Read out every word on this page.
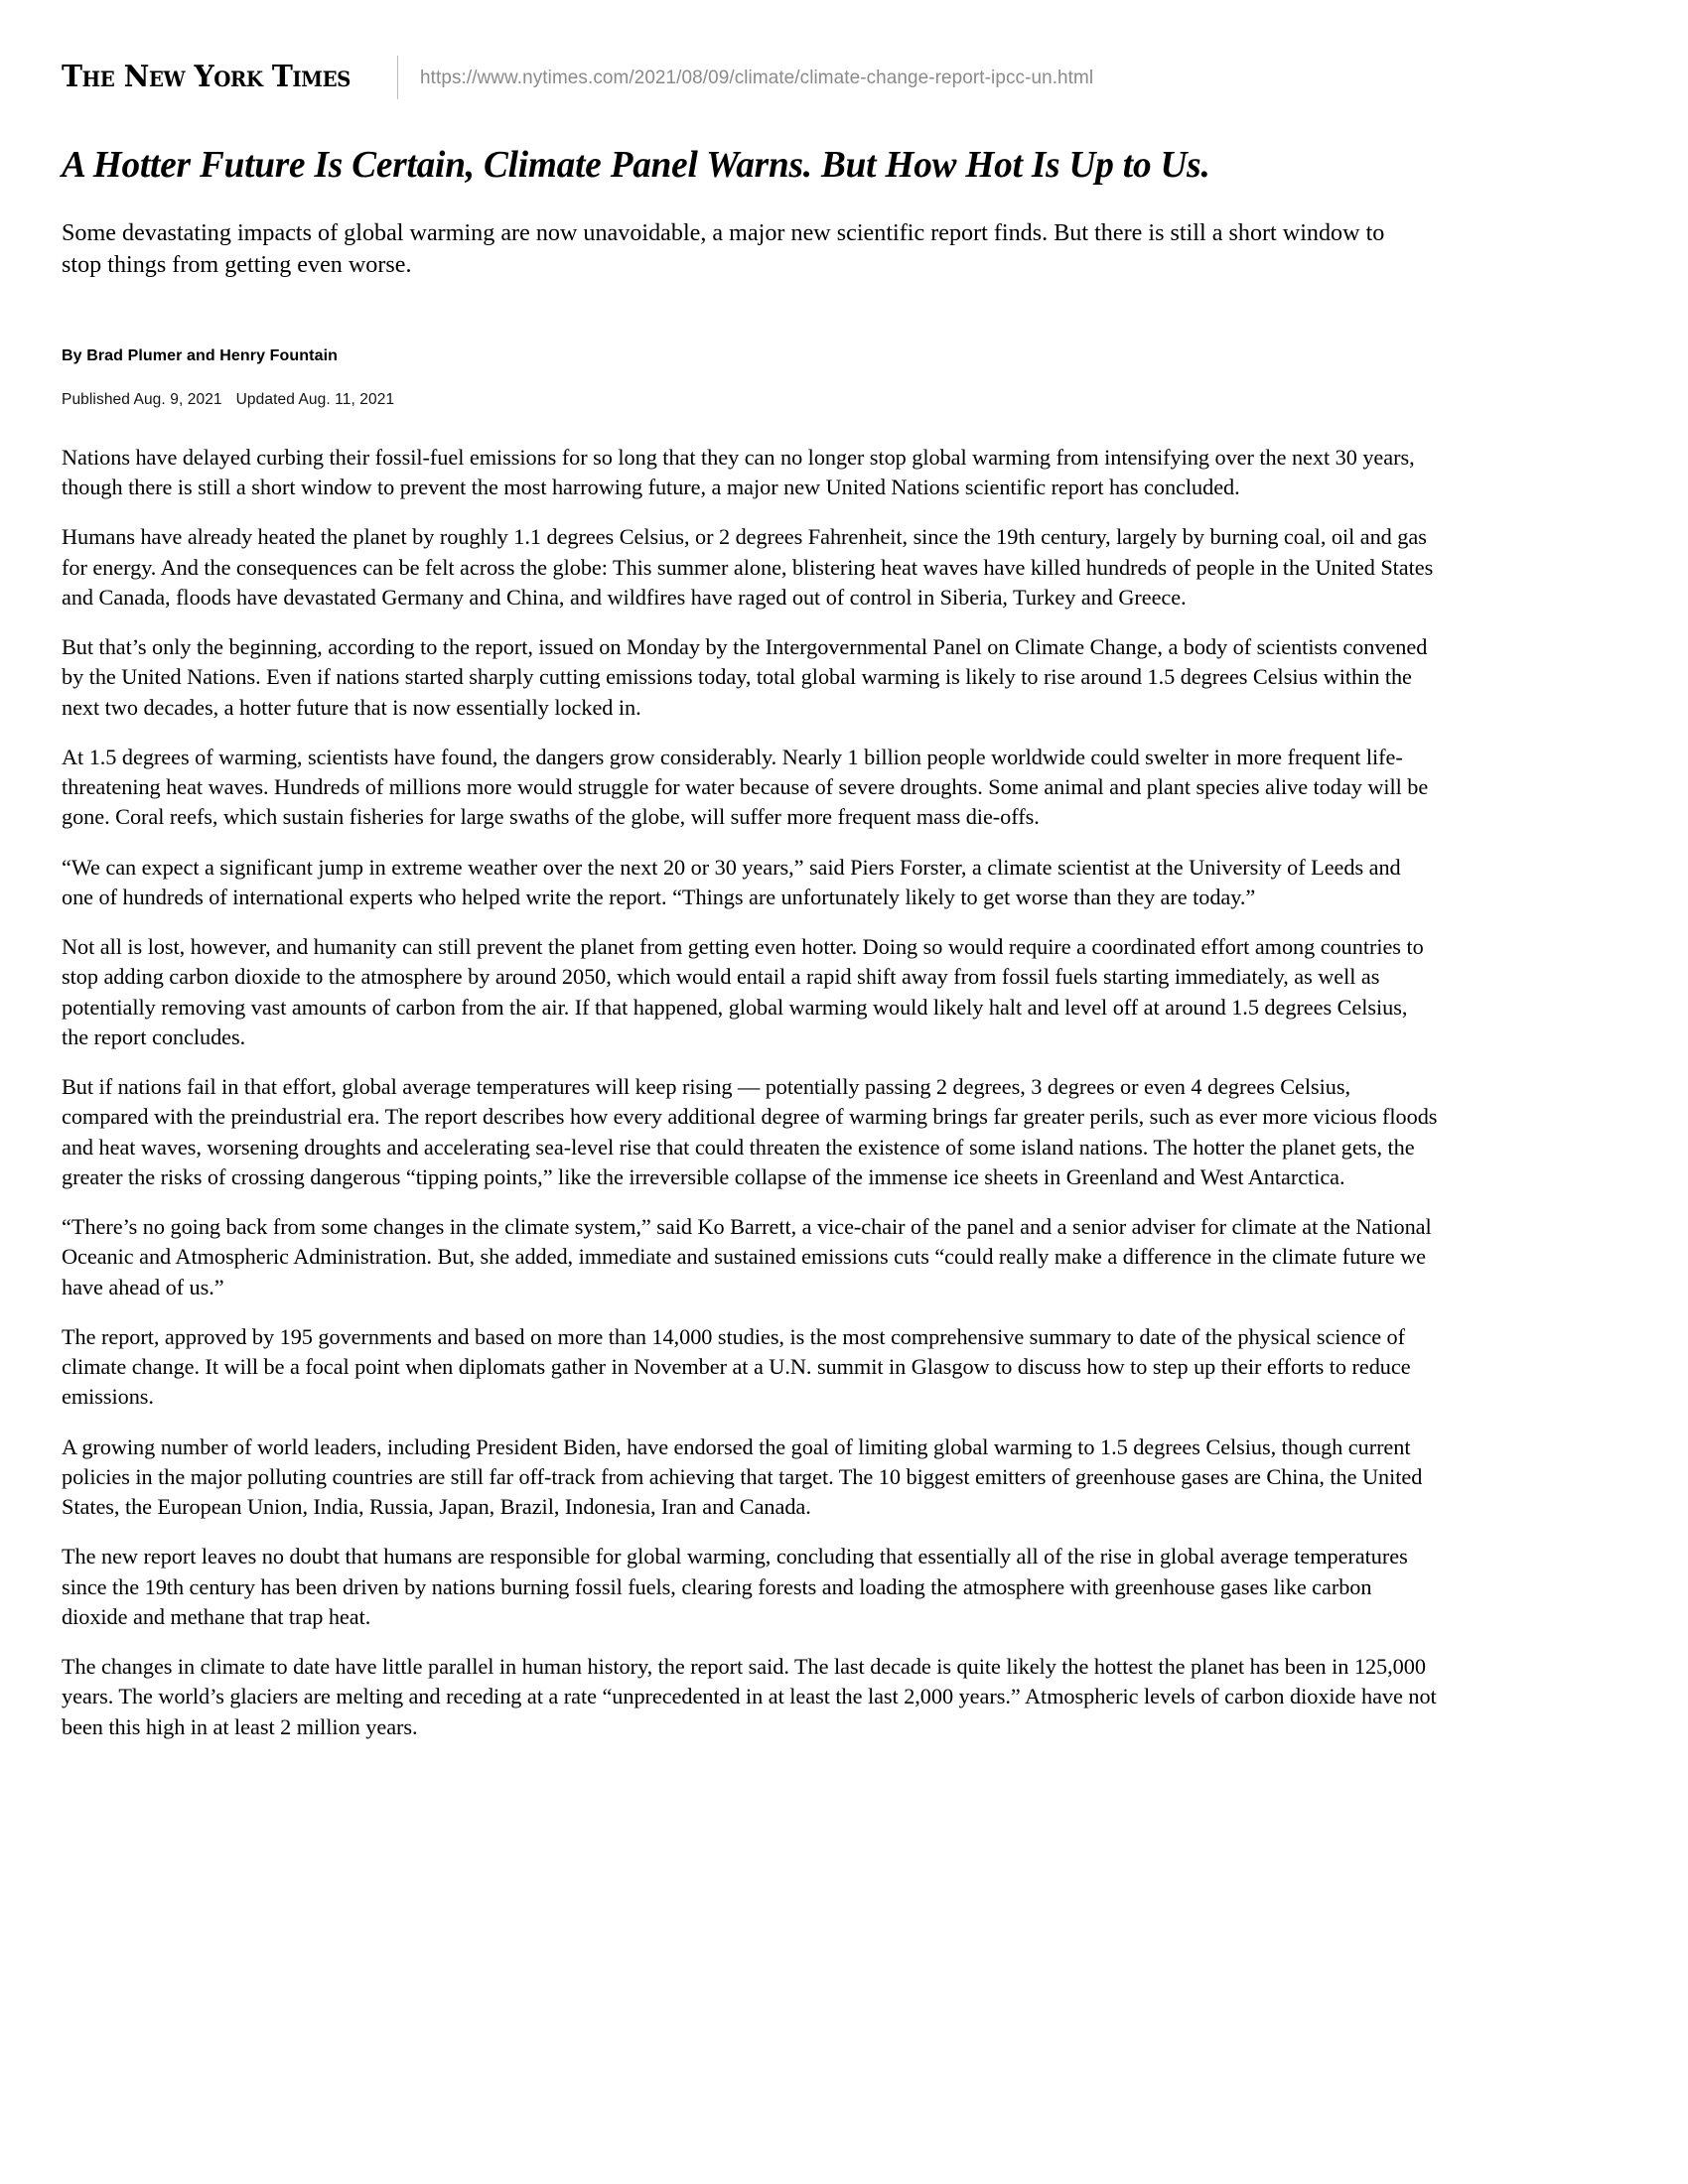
The New York Times	https://www.nytimes.com/2021/08/09/climate/climate-change-report-ipcc-un.html
A Hotter Future Is Certain, Climate Panel Warns. But How Hot Is Up to Us.

Some devastating impacts of global warming are now unavoidable, a major new scientific report finds. But there is still a short window to stop things from getting even worse.

By Brad Plumer and Henry Fountain
Published Aug. 9, 2021 Updated Aug. 11, 2021

Nations have delayed curbing their fossil-fuel emissions for so long that they can no longer stop global warming from intensifying over the next 30 years, though there is still a short window to prevent the most harrowing future, a major new United Nations scientific report has concluded.

Humans have already heated the planet by roughly 1.1 degrees Celsius, or 2 degrees Fahrenheit, since the 19th century, largely by burning coal, oil and gas for energy. And the consequences can be felt across the globe: This summer alone, blistering heat waves have killed hundreds of people in the United States and Canada, floods have devastated Germany and China, and wildfires have raged out of control in Siberia, Turkey and Greece.

But that’s only the beginning, according to the report, issued on Monday by the Intergovernmental Panel on Climate Change, a body of scientists convened by the United Nations. Even if nations started sharply cutting emissions today, total global warming is likely to rise around 1.5 degrees Celsius within the next two decades, a hotter future that is now essentially locked in.

At 1.5 degrees of warming, scientists have found, the dangers grow considerably. Nearly 1 billion people worldwide could swelter in more frequent life-threatening heat waves. Hundreds of millions more would struggle for water because of severe droughts. Some animal and plant species alive today will be gone. Coral reefs, which sustain fisheries for large swaths of the globe, will suffer more frequent mass die-offs.

“We can expect a significant jump in extreme weather over the next 20 or 30 years,” said Piers Forster, a climate scientist at the University of Leeds and one of hundreds of international experts who helped write the report. “Things are unfortunately likely to get worse than they are today.”

Not all is lost, however, and humanity can still prevent the planet from getting even hotter. Doing so would require a coordinated effort among countries to stop adding carbon dioxide to the atmosphere by around 2050, which would entail a rapid shift away from fossil fuels starting immediately, as well as potentially removing vast amounts of carbon from the air. If that happened, global warming would likely halt and level off at around 1.5 degrees Celsius, the report concludes.

But if nations fail in that effort, global average temperatures will keep rising — potentially passing 2 degrees, 3 degrees or even 4 degrees Celsius, compared with the preindustrial era. The report describes how every additional degree of warming brings far greater perils, such as ever more vicious floods and heat waves, worsening droughts and accelerating sea-level rise that could threaten the existence of some island nations. The hotter the planet gets, the greater the risks of crossing dangerous “tipping points,” like the irreversible collapse of the immense ice sheets in Greenland and West Antarctica.

“There’s no going back from some changes in the climate system,” said Ko Barrett, a vice-chair of the panel and a senior adviser for climate at the National Oceanic and Atmospheric Administration. But, she added, immediate and sustained emissions cuts “could really make a difference in the climate future we have ahead of us.”

The report, approved by 195 governments and based on more than 14,000 studies, is the most comprehensive summary to date of the physical science of climate change. It will be a focal point when diplomats gather in November at a U.N. summit in Glasgow to discuss how to step up their efforts to reduce emissions.

A growing number of world leaders, including President Biden, have endorsed the goal of limiting global warming to 1.5 degrees Celsius, though current policies in the major polluting countries are still far off-track from achieving that target. The 10 biggest emitters of greenhouse gases are China, the United States, the European Union, India, Russia, Japan, Brazil, Indonesia, Iran and Canada.

The new report leaves no doubt that humans are responsible for global warming, concluding that essentially all of the rise in global average temperatures since the 19th century has been driven by nations burning fossil fuels, clearing forests and loading the atmosphere with greenhouse gases like carbon dioxide and methane that trap heat.

The changes in climate to date have little parallel in human history, the report said. The last decade is quite likely the hottest the planet has been in 125,000 years. The world’s glaciers are melting and receding at a rate “unprecedented in at least the last 2,000 years.” Atmospheric levels of carbon dioxide have not been this high in at least 2 million years.
